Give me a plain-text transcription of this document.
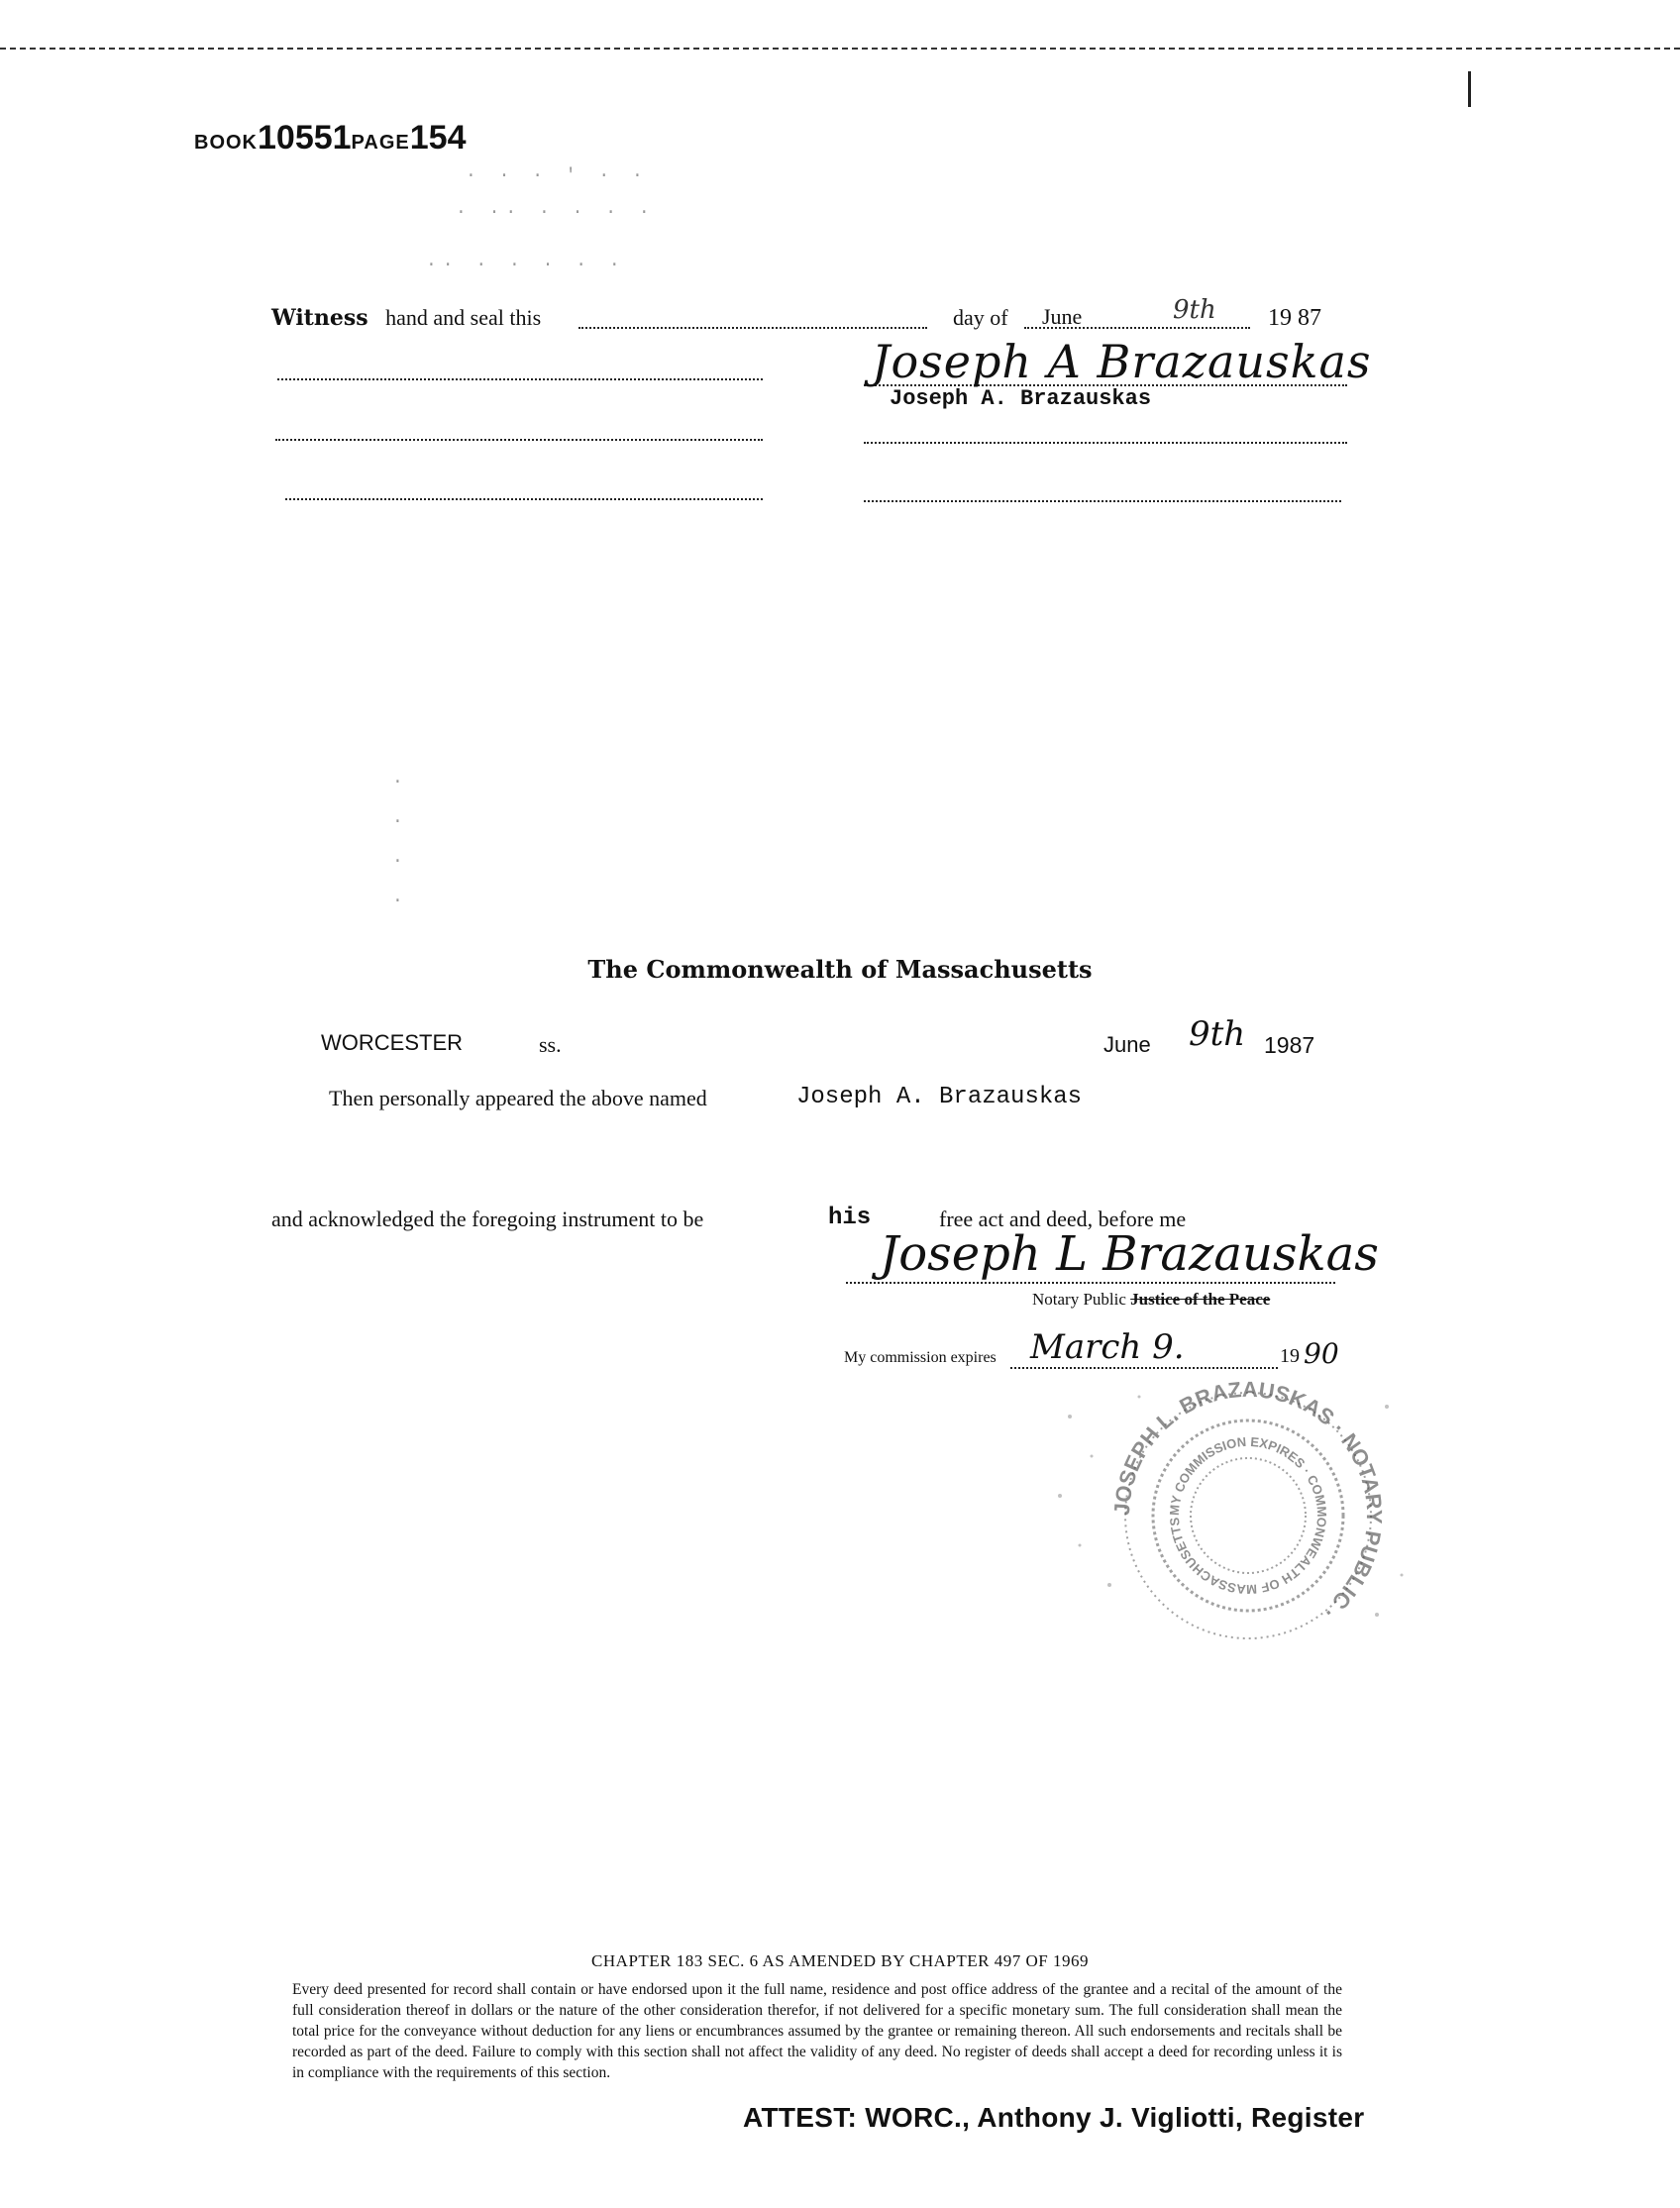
BOOK10551PAGE154
· · · ' · ·
· ·· · · · ·
·· · · · · ·
Witness hand and seal this	day of June	9th 19 87
Joseph A Brazauskas
Joseph A. Brazauskas
·

·

·

·
The Commonwealth of Massachusetts
WORCESTER	ss.	June 9th 1987
Then personally appeared the above named	Joseph A. Brazauskas
and acknowledged the foregoing instrument to be	his	free act and deed, before me
Joseph L Brazauskas
Notary Public Justice of the Peace
My commission expires March 9.	19 90
JOSEPH L. BRAZAUSKAS · NOTARY PUBLIC ·
MY COMMISSION EXPIRES · COMMONWEALTH OF MASSACHUSETTS
CHAPTER 183 SEC. 6 AS AMENDED BY CHAPTER 497 OF 1969
Every deed presented for record shall contain or have endorsed upon it the full name, residence and post office address of the grantee and a recital of the amount of the full consideration thereof in dollars or the nature of the other consideration therefor, if not delivered for a specific monetary sum. The full consideration shall mean the total price for the conveyance without deduction for any liens or encumbrances assumed by the grantee or remaining thereon. All such endorsements and recitals shall be recorded as part of the deed. Failure to comply with this section shall not affect the validity of any deed. No register of deeds shall accept a deed for recording unless it is in compliance with the requirements of this section.
ATTEST: WORC., Anthony J. Vigliotti, Register
